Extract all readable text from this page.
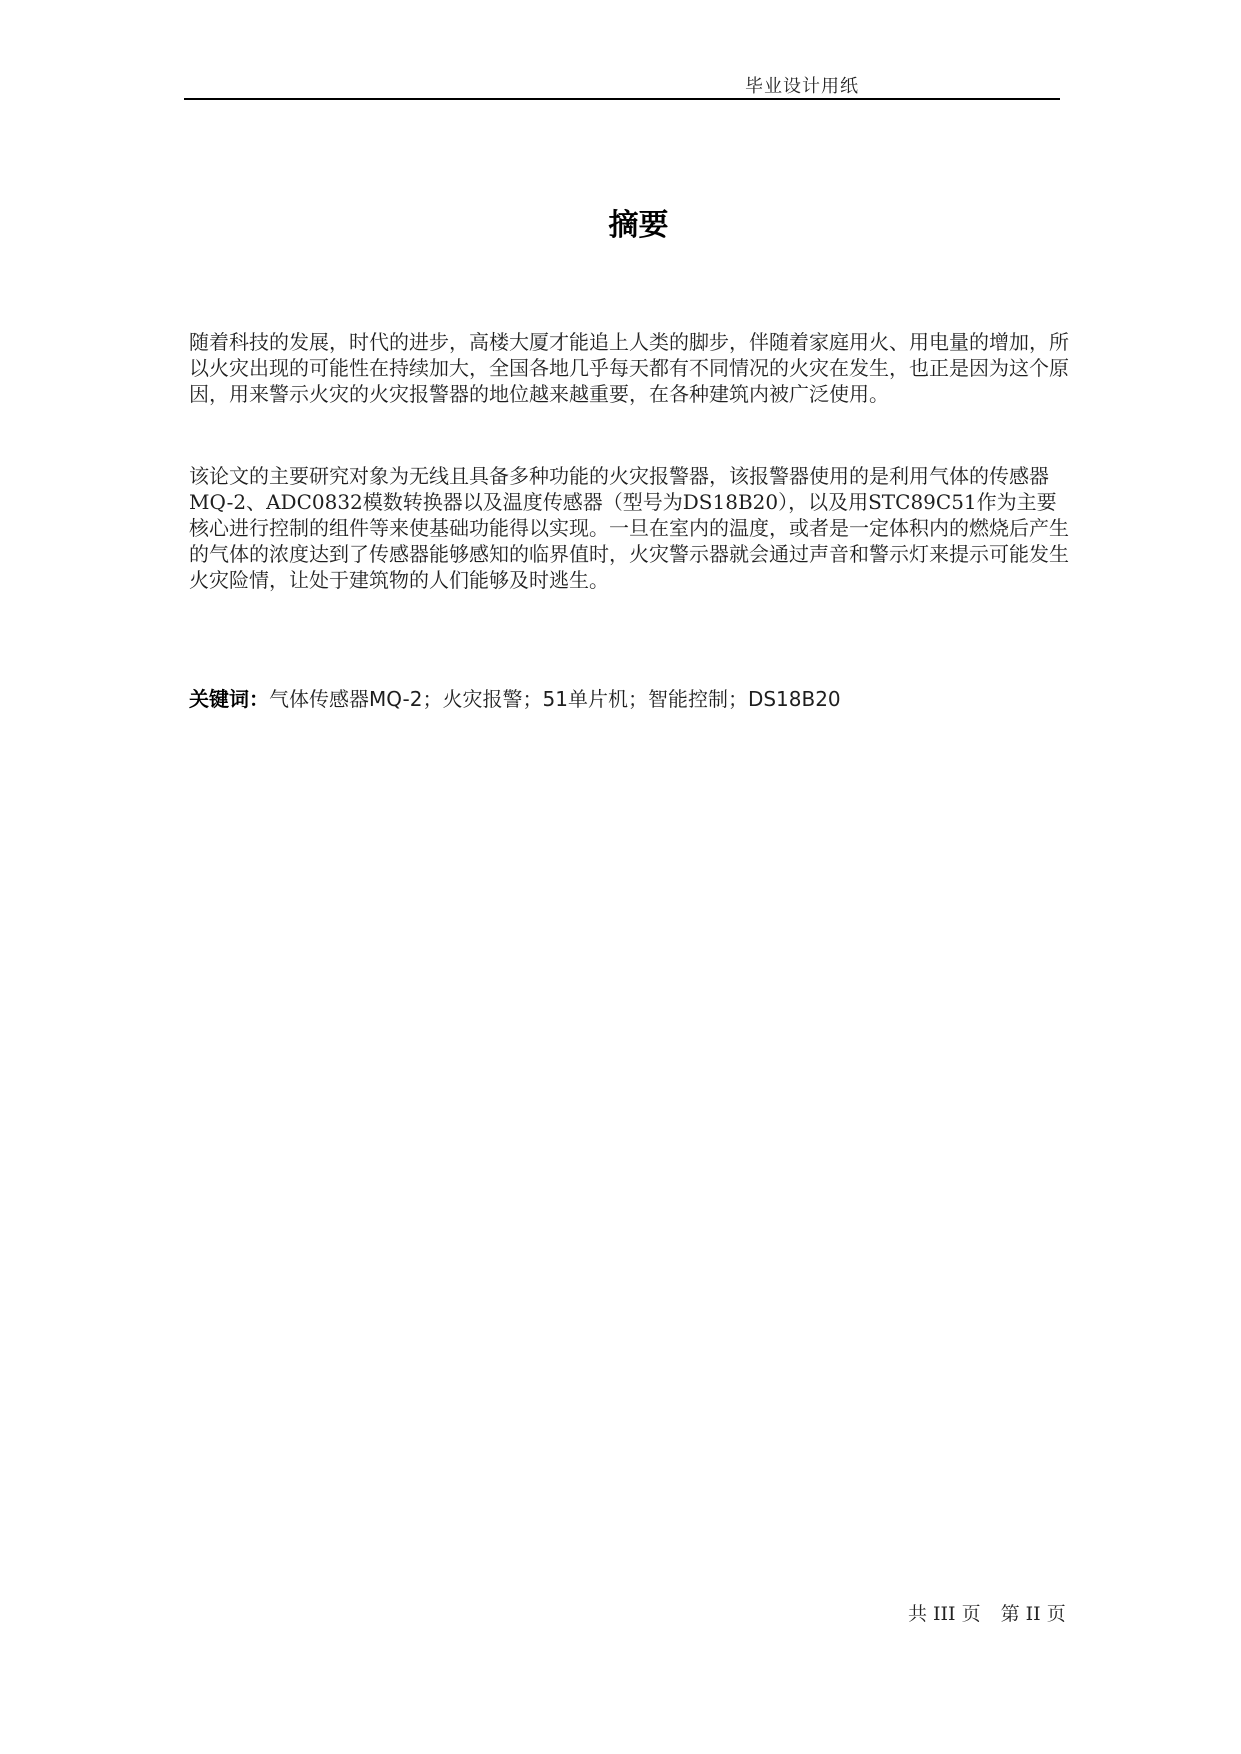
毕业设计用纸
摘要

随着科技的发展，时代的进步，高楼大厦才能追上人类的脚步，伴随着家庭用火、用电量的增加，所以火灾出现的可能性在持续加大，全国各地几乎每天都有不同情况的火灾在发生，也正是因为这个原因，用来警示火灾的火灾报警器的地位越来越重要，在各种建筑内被广泛使用。

该论文的主要研究对象为无线且具备多种功能的火灾报警器，该报警器使用的是利用气体的传感器MQ-2、ADC0832模数转换器以及温度传感器（型号为DS18B20），以及用STC89C51作为主要核心进行控制的组件等来使基础功能得以实现。一旦在室内的温度，或者是一定体积内的燃烧后产生的气体的浓度达到了传感器能够感知的临界值时，火灾警示器就会通过声音和警示灯来提示可能发生火灾险情，让处于建筑物的人们能够及时逃生。

关键词：气体传感器MQ-2；火灾报警；51单片机；智能控制；DS18B20
共 III 页 第 II 页
